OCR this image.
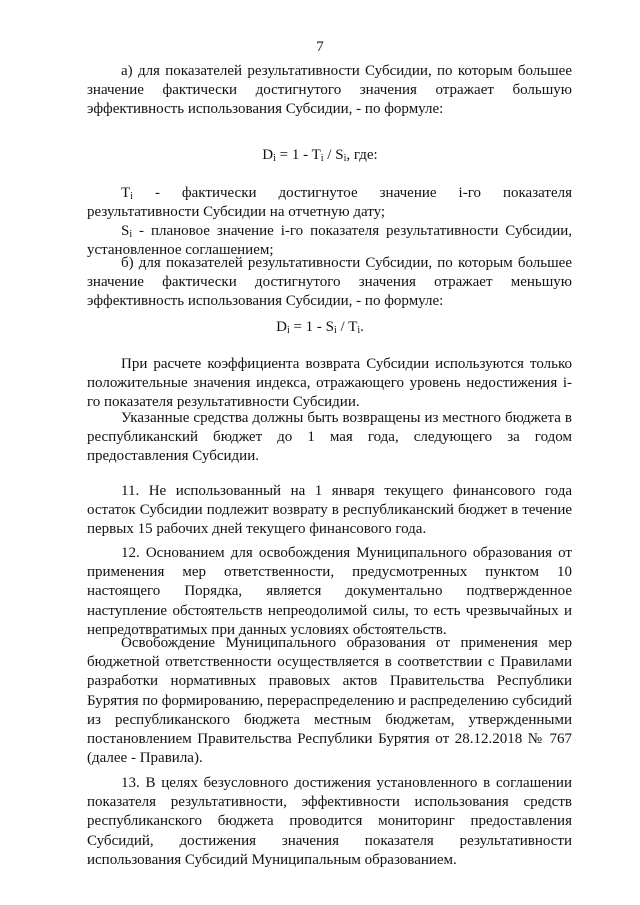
7

а) для показателей результативности Субсидии, по которым большее значение фактически достигнутого значения отражает большую эффективность использования Субсидии, - по формуле:

$D_i = 1 - T_i / S_i$, где:

$T_i$ - фактически достигнутое значение i-го показателя результативности Субсидии на отчетную дату;

$S_i$ - плановое значение i-го показателя результативности Субсидии, установленное соглашением;

б) для показателей результативности Субсидии, по которым большее значение фактически достигнутого значения отражает меньшую эффективность использования Субсидии, - по формуле:

$D_i = 1 - S_i / T_i$.

При расчете коэффициента возврата Субсидии используются только положительные значения индекса, отражающего уровень недостижения i-го показателя результативности Субсидии.

Указанные средства должны быть возвращены из местного бюджета в республиканский бюджет до 1 мая года, следующего за годом предоставления Субсидии.

11. Не использованный на 1 января текущего финансового года остаток Субсидии подлежит возврату в республиканский бюджет в течение первых 15 рабочих дней текущего финансового года.

12. Основанием для освобождения Муниципального образования от применения мер ответственности, предусмотренных пунктом 10 настоящего Порядка, является документально подтвержденное наступление обстоятельств непреодолимой силы, то есть чрезвычайных и непредотвратимых при данных условиях обстоятельств.

Освобождение Муниципального образования от применения мер бюджетной ответственности осуществляется в соответствии с Правилами разработки нормативных правовых актов Правительства Республики Бурятия по формированию, перераспределению и распределению субсидий из республиканского бюджета местным бюджетам, утвержденными постановлением Правительства Республики Бурятия от 28.12.2018 № 767 (далее - Правила).

13. В целях безусловного достижения установленного в соглашении показателя результативности, эффективности использования средств республиканского бюджета проводится мониторинг предоставления Субсидий, достижения значения показателя результативности использования Субсидий Муниципальным образованием.
